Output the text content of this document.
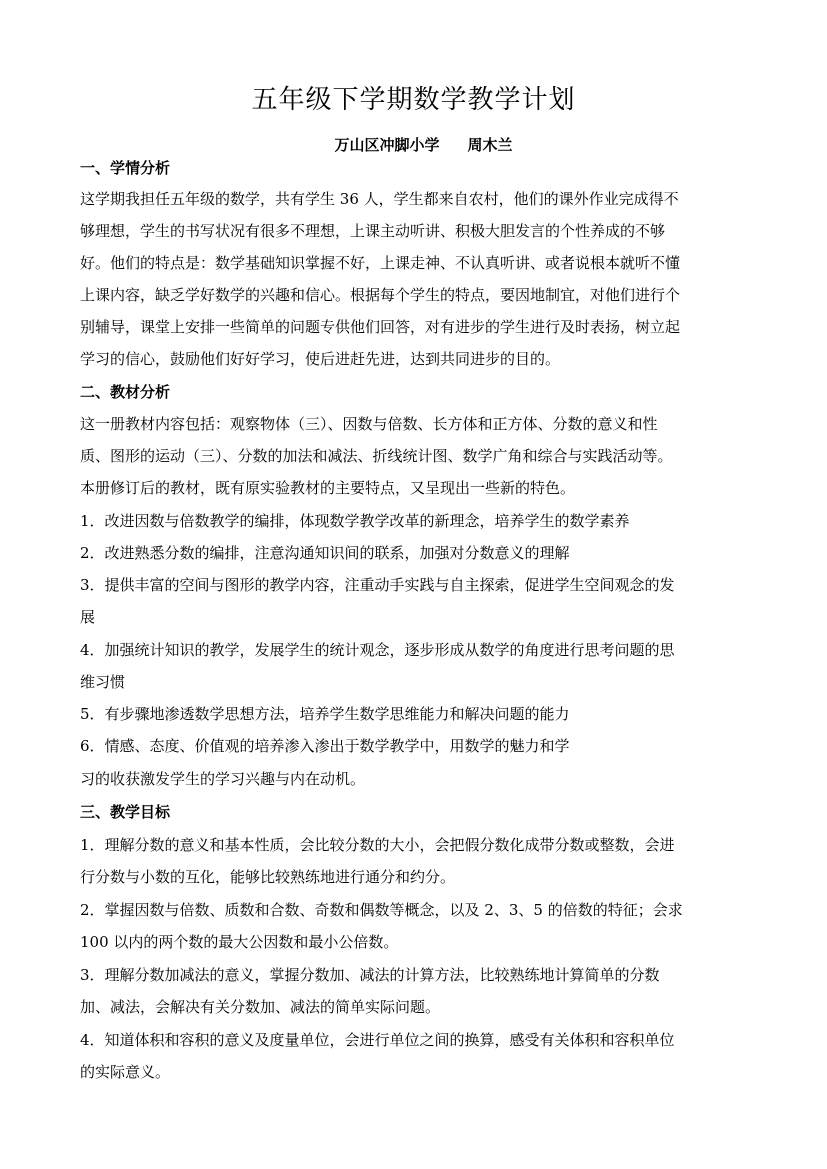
五年级下学期数学教学计划
万山区冲脚小学 周木兰
一、学情分析
这学期我担任五年级的数学，共有学生 36 人，学生都来自农村，他们的课外作业完成得不
够理想，学生的书写状况有很多不理想，上课主动听讲、积极大胆发言的个性养成的不够
好。他们的特点是：数学基础知识掌握不好，上课走神、不认真听讲、或者说根本就听不懂
上课内容，缺乏学好数学的兴趣和信心。根据每个学生的特点，要因地制宜，对他们进行个
别辅导，课堂上安排一些简单的问题专供他们回答，对有进步的学生进行及时表扬，树立起
学习的信心，鼓励他们好好学习，使后进赶先进，达到共同进步的目的。
二、教材分析
这一册教材内容包括：观察物体（三）、因数与倍数、长方体和正方体、分数的意义和性
质、图形的运动（三）、分数的加法和减法、折线统计图、数学广角和综合与实践活动等。
本册修订后的教材，既有原实验教材的主要特点，又呈现出一些新的特色。
1．改进因数与倍数教学的编排，体现数学教学改革的新理念，培养学生的数学素养
2．改进熟悉分数的编排，注意沟通知识间的联系，加强对分数意义的理解
3．提供丰富的空间与图形的教学内容，注重动手实践与自主探索，促进学生空间观念的发
展
4．加强统计知识的教学，发展学生的统计观念，逐步形成从数学的角度进行思考问题的思
维习惯
5．有步骤地渗透数学思想方法，培养学生数学思维能力和解决问题的能力
6．情感、态度、价值观的培养渗入渗出于数学教学中，用数学的魅力和学
习的收获激发学生的学习兴趣与内在动机。
三、教学目标
1．理解分数的意义和基本性质，会比较分数的大小，会把假分数化成带分数或整数，会进
行分数与小数的互化，能够比较熟练地进行通分和约分。
2．掌握因数与倍数、质数和合数、奇数和偶数等概念，以及 2、3、5 的倍数的特征；会求
100 以内的两个数的最大公因数和最小公倍数。
3．理解分数加减法的意义，掌握分数加、减法的计算方法，比较熟练地计算简单的分数
加、减法，会解决有关分数加、减法的简单实际问题。
4．知道体积和容积的意义及度量单位，会进行单位之间的换算，感受有关体积和容积单位
的实际意义。
